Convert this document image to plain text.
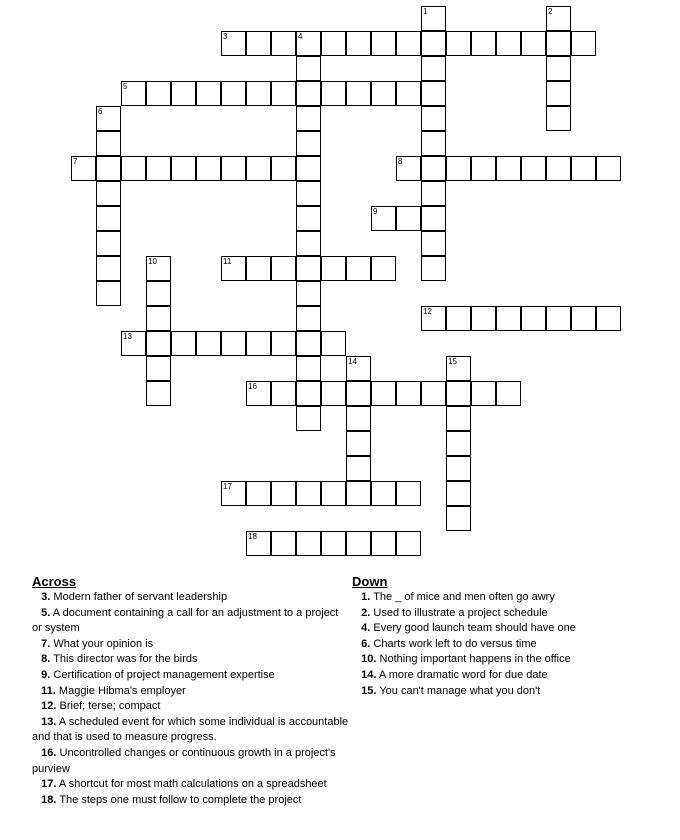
3	4
5
7	8
9
11
12
13
16
17
18
1	2
6
10
14	15
Across
3. Modern father of servant leadership
5. A document containing a call for an adjustment to a project or system
7. What your opinion is
8. This director was for the birds
9. Certification of project management expertise
11. Maggie Hibma's employer
12. Brief; terse; compact
13. A scheduled event for which some individual is accountable and that is used to measure progress.
16. Uncontrolled changes or continuous growth in a project's purview
17. A shortcut for most math calculations on a spreadsheet
18. The steps one must follow to complete the project
Down
1. The _ of mice and men often go awry
2. Used to illustrate a project schedule
4. Every good launch team should have one
6. Charts work left to do versus time
10. Nothing important happens in the office
14. A more dramatic word for due date
15. You can't manage what you don't
